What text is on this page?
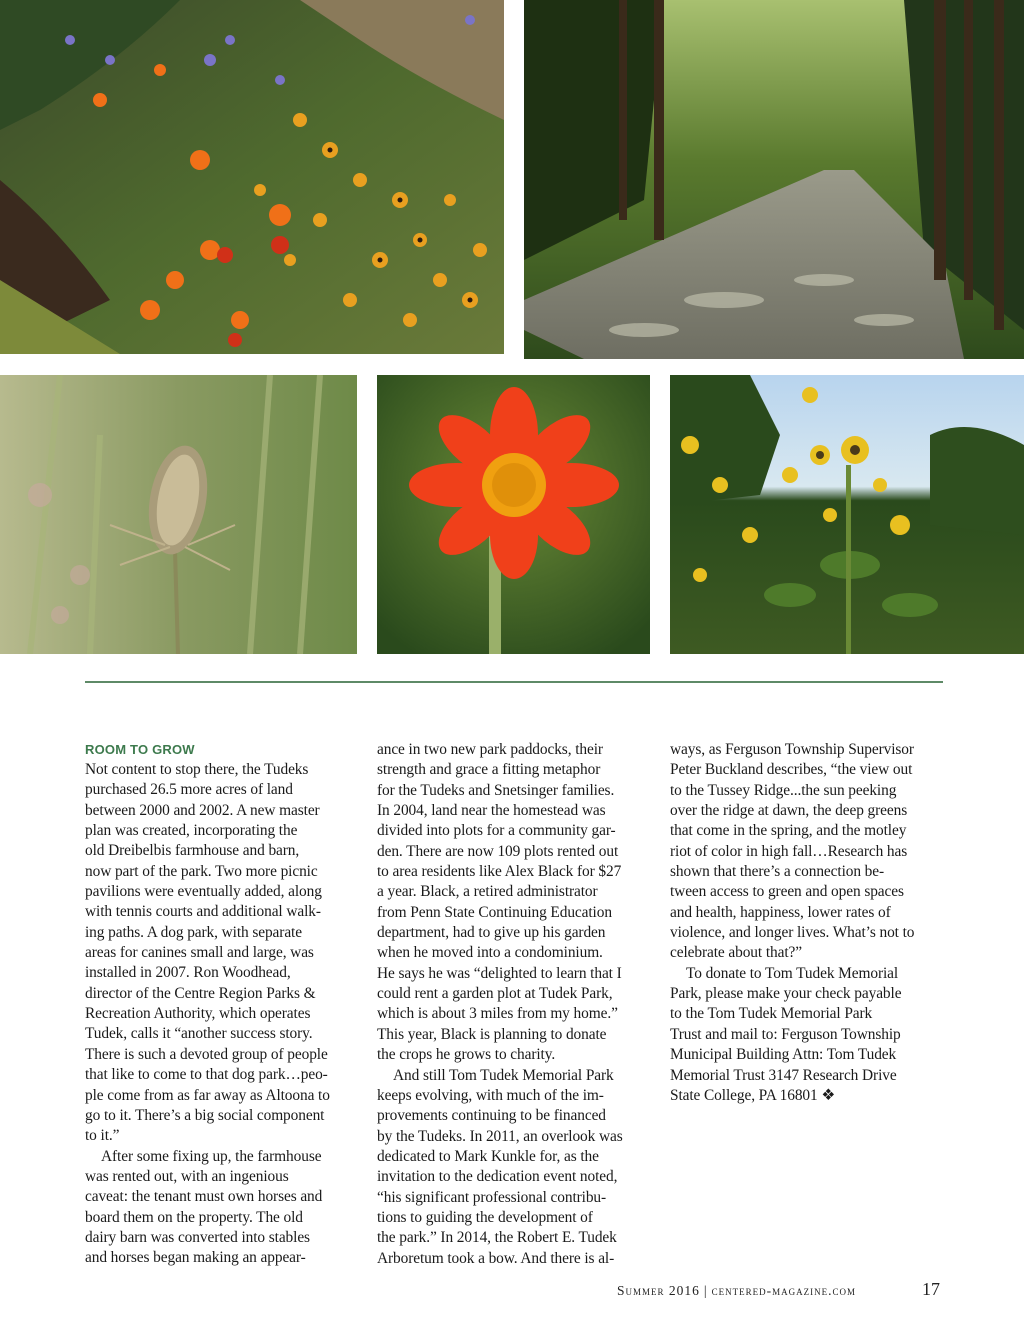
ROOM TO GROW

Not content to stop there, the Tudeks

purchased 26.5 more acres of land

between 2000 and 2002. A new master

plan was created, incorporating the

old Dreibelbis farmhouse and barn,

now part of the park. Two more picnic

pavilions were eventually added, along

with tennis courts and additional walk-

ing paths. A dog park, with separate

areas for canines small and large, was

installed in 2007. Ron Woodhead,

director of the Centre Region Parks &

Recreation Authority, which operates

Tudek, calls it “another success story.

There is such a devoted group of people

that like to come to that dog park…peo-

ple come from as far away as Altoona to

go to it. There’s a big social component

to it.”

After some fixing up, the farmhouse

was rented out, with an ingenious

caveat: the tenant must own horses and

board them on the property. The old

dairy barn was converted into stables

and horses began making an appear-

ance in two new park paddocks, their

strength and grace a fitting metaphor

for the Tudeks and Snetsinger families.

In 2004, land near the homestead was

divided into plots for a community gar-

den. There are now 109 plots rented out

to area residents like Alex Black for $27

a year. Black, a retired administrator

from Penn State Continuing Education

department, had to give up his garden

when he moved into a condominium.

He says he was “delighted to learn that I

could rent a garden plot at Tudek Park,

which is about 3 miles from my home.”

This year, Black is planning to donate

the crops he grows to charity.

And still Tom Tudek Memorial Park

keeps evolving, with much of the im-

provements continuing to be financed

by the Tudeks. In 2011, an overlook was

dedicated to Mark Kunkle for, as the

invitation to the dedication event noted,

“his significant professional contribu-

tions to guiding the development of

the park.” In 2014, the Robert E. Tudek

Arboretum took a bow. And there is al-

ways, as Ferguson Township Supervisor

Peter Buckland describes, “the view out

to the Tussey Ridge...the sun peeking

over the ridge at dawn, the deep greens

that come in the spring, and the motley

riot of color in high fall…Research has

shown that there’s a connection be-

tween access to green and open spaces

and health, happiness, lower rates of

violence, and longer lives. What’s not to

celebrate about that?”

To donate to Tom Tudek Memorial

Park, please make your check payable

to the Tom Tudek Memorial Park

Trust and mail to: Ferguson Township

Municipal Building Attn: Tom Tudek

Memorial Trust 3147 Research Drive

State College, PA 16801 ❖

Summer 2016 | centered-magazine.com	17
